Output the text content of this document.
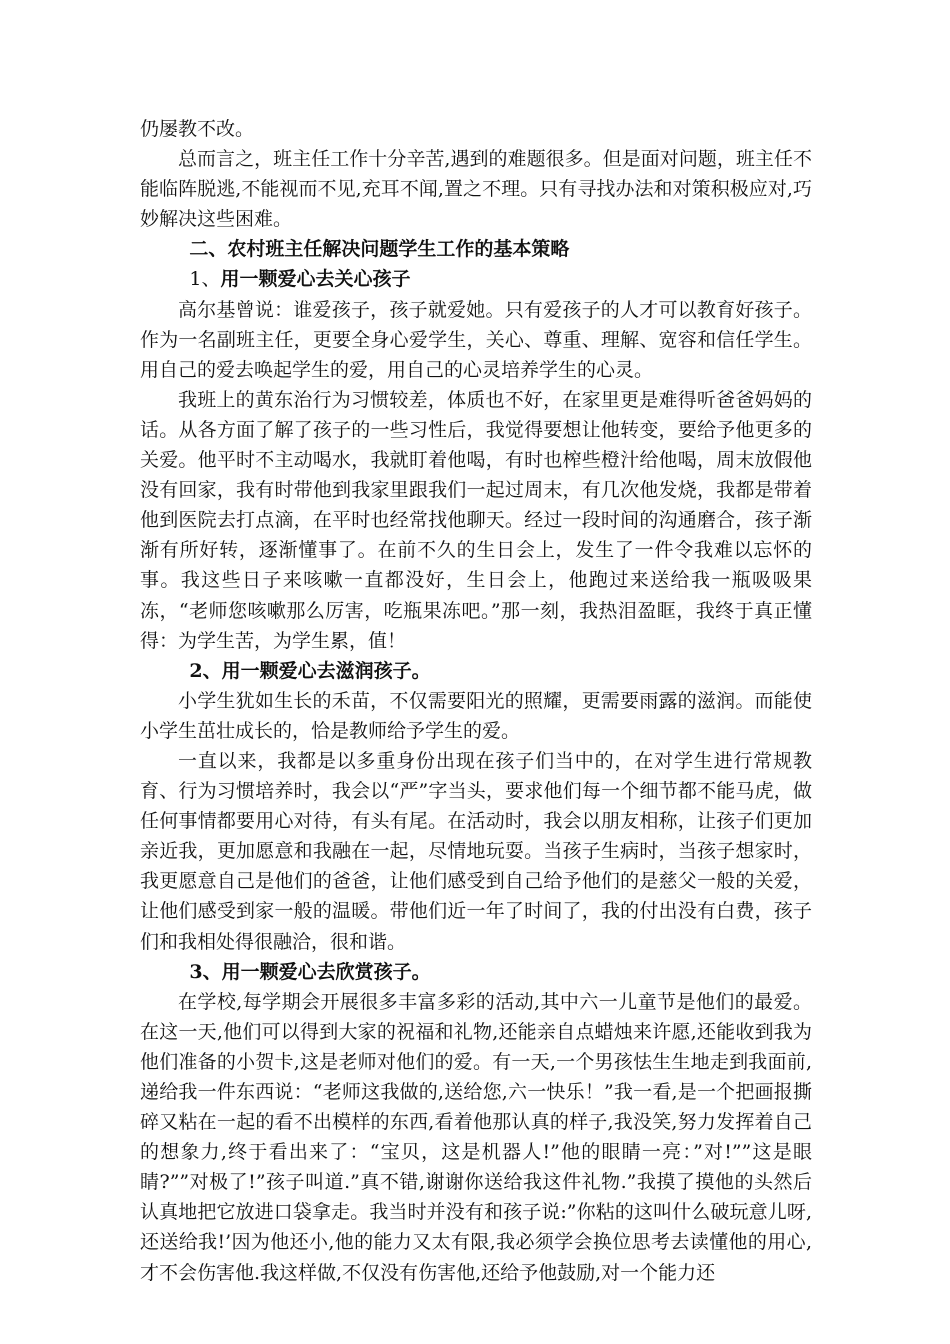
仍屡教不改。

总而言之，班主任工作十分辛苦,遇到的难题很多。但是面对问题，班主任不能临阵脱逃,不能视而不见,充耳不闻,置之不理。只有寻找办法和对策积极应对,巧妙解决这些困难。

二、农村班主任解决问题学生工作的基本策略

1、用一颗爱心去关心孩子

高尔基曾说：谁爱孩子，孩子就爱她。只有爱孩子的人才可以教育好孩子。作为一名副班主任，更要全身心爱学生，关心、尊重、理解、宽容和信任学生。用自己的爱去唤起学生的爱，用自己的心灵培养学生的心灵。

我班上的黄东治行为习惯较差，体质也不好，在家里更是难得听爸爸妈妈的话。从各方面了解了孩子的一些习性后，我觉得要想让他转变，要给予他更多的关爱。他平时不主动喝水，我就盯着他喝，有时也榨些橙汁给他喝，周末放假他没有回家，我有时带他到我家里跟我们一起过周末，有几次他发烧，我都是带着他到医院去打点滴，在平时也经常找他聊天。经过一段时间的沟通磨合，孩子渐渐有所好转，逐渐懂事了。在前不久的生日会上，发生了一件令我难以忘怀的事。我这些日子来咳嗽一直都没好，生日会上，他跑过来送给我一瓶吸吸果冻，“老师您咳嗽那么厉害，吃瓶果冻吧。”那一刻，我热泪盈眶，我终于真正懂得：为学生苦，为学生累，值！

2、用一颗爱心去滋润孩子。

小学生犹如生长的禾苗，不仅需要阳光的照耀，更需要雨露的滋润。而能使小学生茁壮成长的，恰是教师给予学生的爱。

一直以来，我都是以多重身份出现在孩子们当中的，在对学生进行常规教育、行为习惯培养时，我会以“严”字当头，要求他们每一个细节都不能马虎，做任何事情都要用心对待，有头有尾。在活动时，我会以朋友相称，让孩子们更加亲近我，更加愿意和我融在一起，尽情地玩耍。当孩子生病时，当孩子想家时，我更愿意自己是他们的爸爸，让他们感受到自己给予他们的是慈父一般的关爱，让他们感受到家一般的温暖。带他们近一年了时间了，我的付出没有白费，孩子们和我相处得很融洽，很和谐。

3、用一颗爱心去欣赏孩子。

在学校,每学期会开展很多丰富多彩的活动,其中六一儿童节是他们的最爱。在这一天,他们可以得到大家的祝福和礼物,还能亲自点蜡烛来许愿,还能收到我为他们准备的小贺卡,这是老师对他们的爱。有一天,一个男孩怯生生地走到我面前,递给我一件东西说：“老师这我做的,送给您,六一快乐！”我一看,是一个把画报撕碎又粘在一起的看不出模样的东西,看着他那认真的样子,我没笑,努力发挥着自己的想象力,终于看出来了：“宝贝，这是机器人!”他的眼睛一亮：”对!””这是眼睛?””对极了!”孩子叫道.”真不错,谢谢你送给我这件礼物.”我摸了摸他的头然后认真地把它放进口袋拿走。我当时并没有和孩子说:”你粘的这叫什么破玩意儿呀,还送给我!’因为他还小,他的能力又太有限,我必须学会换位思考去读懂他的用心,才不会伤害他.我这样做,不仅没有伤害他,还给予他鼓励,对一个能力还
